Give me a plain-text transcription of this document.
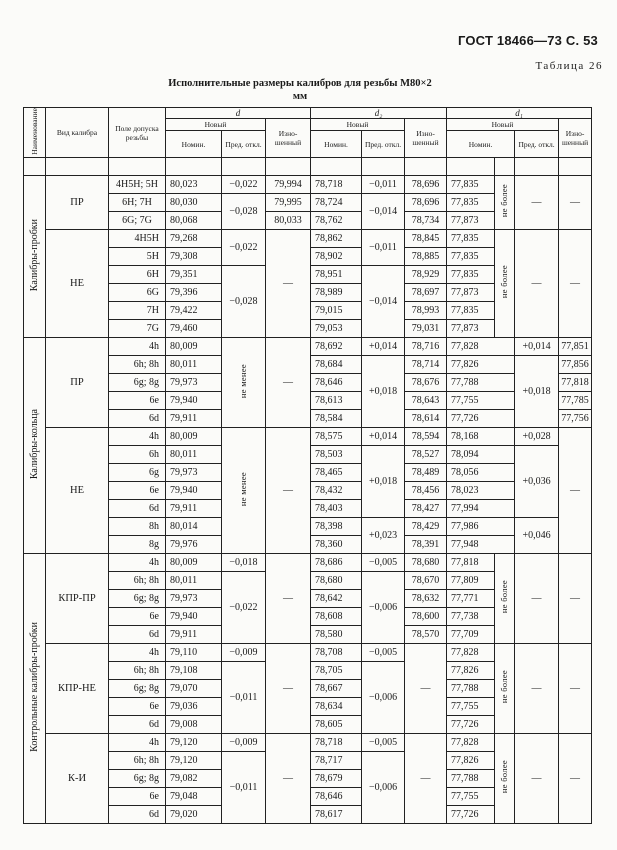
ГОСТ 18466—73 С. 53
Таблица 26
Исполнительные размеры калибров для резьбы M80×2
мм
Наименование	Вид калибра	Поле допуска резьбы	d			d₂			d₁			
			Новый		Изно- шенный	Новый		Изно- шенный	Новый			Изно- шенный
			Номин.	Пред. откл.		Номин.	Пред. откл.		Номин.		Пред. откл.	

Калибры-пробки	ПР	4H5H; 5H	80,023	−0,022	79,994	78,718	−0,011	78,696	77,835	не более	—	—
		6H; 7H	80,030	−0,028	79,995	78,724	−0,014	78,696	77,835			
		6G; 7G	80,068		80,033	78,762		78,734	77,873			
	НЕ	4H5H	79,268	−0,022	—	78,862	−0,011	78,845	77,835	не более	—	—
		5H	79,308			78,902		78,885	77,835			
		6H	79,351	−0,028		78,951	−0,014	78,929	77,835			
		6G	79,396			78,989		78,697	77,873			
		7H	79,422			79,015		78,993	77,835			
		7G	79,460			79,053		79,031	77,873			
Калибры-кольца	ПР	4h	80,009	не менее	—	78,692	+0,014	78,716	77,828		+0,014	77,851
		6h; 8h	80,011			78,684	+0,018	78,714	77,826		+0,018	77,856
		6g; 8g	79,973			78,646		78,676	77,788			77,818
		6e	79,940			78,613		78,643	77,755			77,785
		6d	79,911			78,584		78,614	77,726			77,756
	НЕ	4h	80,009	не менее	—	78,575	+0,014	78,594	78,168		+0,028	—
		6h	80,011			78,503	+0,018	78,527	78,094		+0,036	
		6g	79,973			78,465		78,489	78,056			
		6e	79,940			78,432		78,456	78,023			
		6d	79,911			78,403		78,427	77,994			
		8h	80,014			78,398	+0,023	78,429	77,986		+0,046	
		8g	79,976			78,360		78,391	77,948			
Контрольные калибры-пробки	КПР-ПР	4h	80,009	−0,018	—	78,686	−0,005	78,680	77,818	не более	—	—
		6h; 8h	80,011	−0,022		78,680	−0,006	78,670	77,809			
		6g; 8g	79,973			78,642		78,632	77,771			
		6e	79,940			78,608		78,600	77,738			
		6d	79,911			78,580		78,570	77,709			
	КПР-НЕ	4h	79,110	−0,009	—	78,708	−0,005	—	77,828	не более	—	—
		6h; 8h	79,108	−0,011		78,705	−0,006		77,826			
		6g; 8g	79,070			78,667			77,788			
		6e	79,036			78,634			77,755			
		6d	79,008			78,605			77,726			
	К-И	4h	79,120	−0,009	—	78,718	−0,005	—	77,828	не более	—	—
		6h; 8h	79,120	−0,011		78,717	−0,006		77,826			
		6g; 8g	79,082			78,679			77,788			
		6e	79,048			78,646			77,755			
		6d	79,020			78,617			77,726			
